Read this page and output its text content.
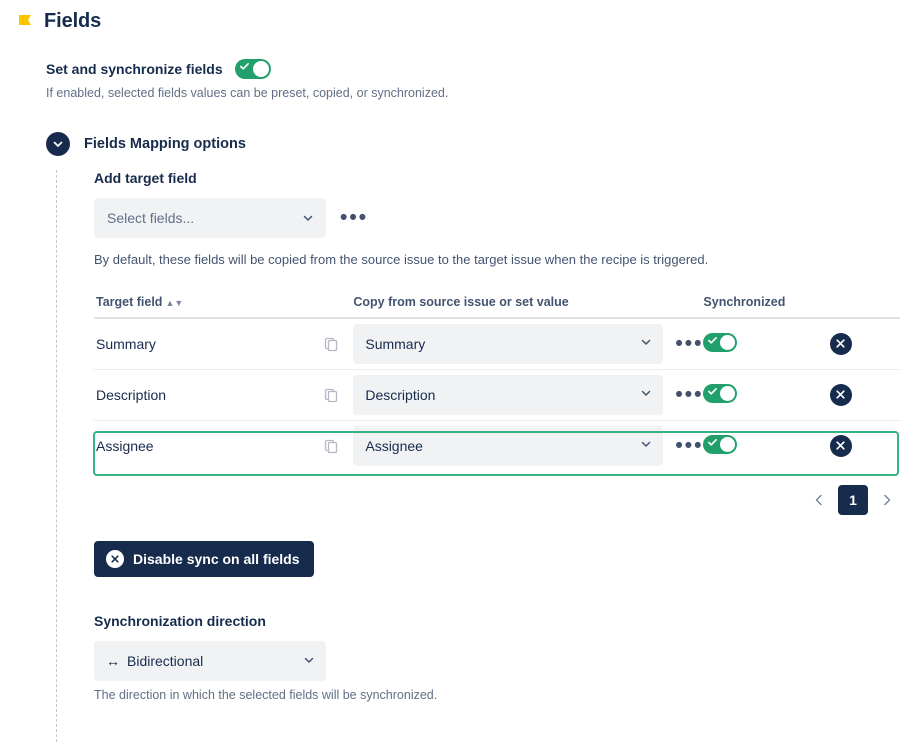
Fields
Set and synchronize fields
If enabled, selected fields values can be preset, copied, or synchronized.
Fields Mapping options
Add target field
Select fields...	•••
By default, these fields will be copied from the source issue to the target issue when the recipe is triggered.
Target field ▲▼	Copy from source issue or set value	Synchronized	

Summary	Summary •••

Description	Description •••

Assignee	Assignee •••

1
Disable sync on all fields
Synchronization direction
↔ Bidirectional
The direction in which the selected fields will be synchronized.
